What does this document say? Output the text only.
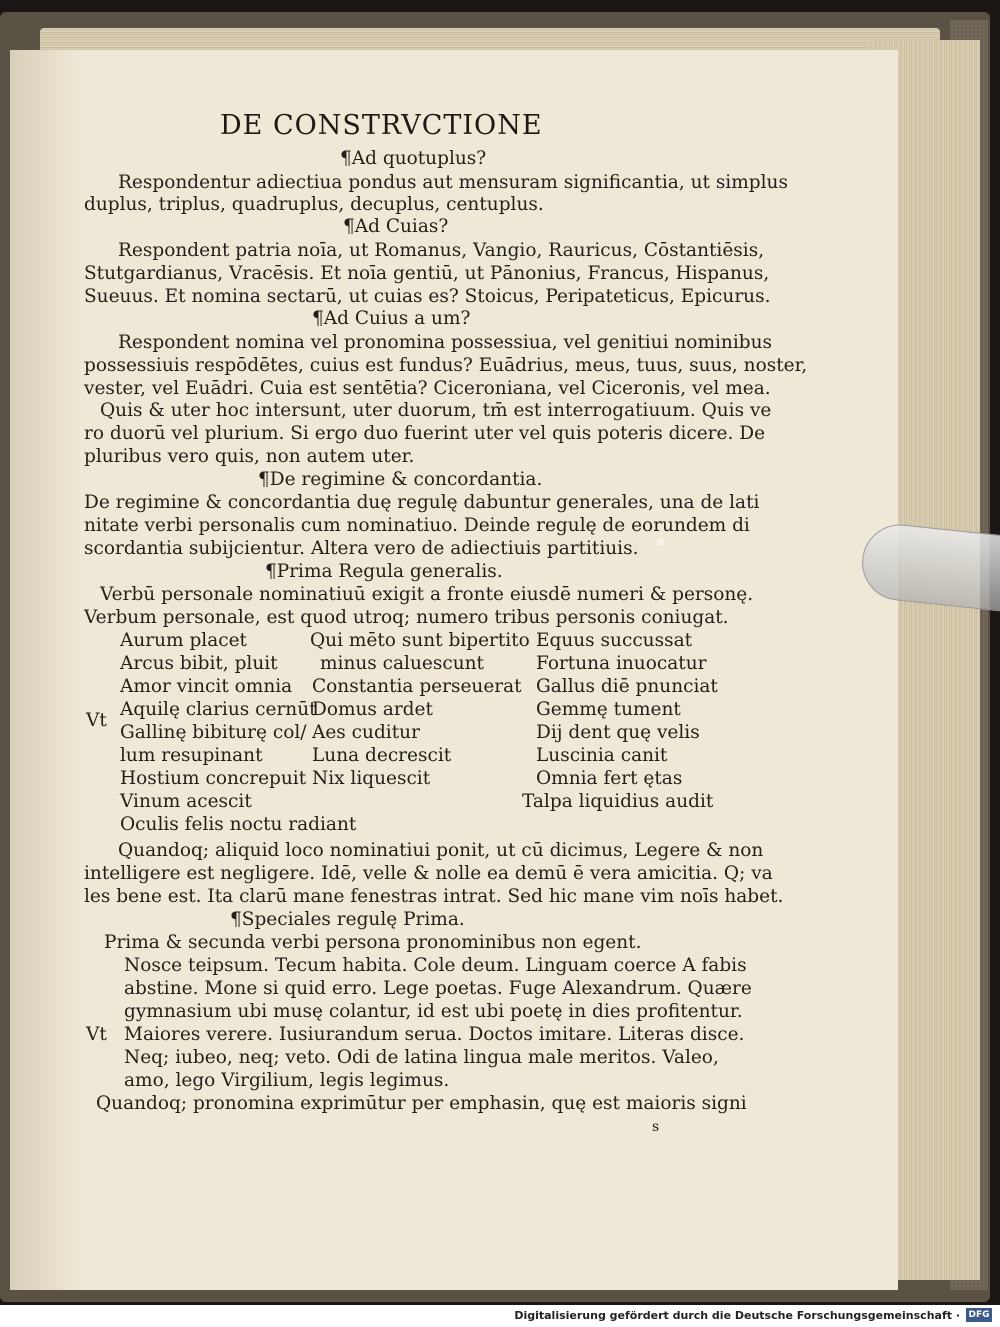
DE CONSTRVCTIONE
¶Ad quotuplus?
Respondentur adiectiua pondus aut mensuram significantia, ut simplus
duplus, triplus, quadruplus, decuplus, centuplus.
¶Ad Cuias?
Respondent patria noīa, ut Romanus, Vangio, Rauricus, Cōstantiēsis,
Stutgardianus, Vracēsis. Et noīa gentiū, ut Pānonius, Francus, Hispanus,
Sueuus. Et nomina sectarū, ut cuias es? Stoicus, Peripateticus, Epicurus.
¶Ad Cuius a um?
Respondent nomina vel pronomina possessiua, vel genitiui nominibus
possessiuis respōdētes, cuius est fundus? Euādrius, meus, tuus, suus, noster,
vester, vel Euādri. Cuia est sentētia? Ciceroniana, vel Ciceronis, vel mea.
Quis & uter hoc intersunt, uter duorum, tm̄ est interrogatiuum. Quis ve
ro duorū vel plurium. Si ergo duo fuerint uter vel quis poteris dicere. De
pluribus vero quis, non autem uter.
¶De regimine & concordantia.
De regimine & concordantia duę regulę dabuntur generales, una de lati
nitate verbi personalis cum nominatiuo. Deinde regulę de eorundem di
scordantia subijcientur. Altera vero de adiectiuis partitiuis.
¶Prima Regula generalis.
Verbū personale nominatiuū exigit a fronte eiusdē numeri & personę.
Verbum personale, est quod utroq; numero tribus personis coniugat.
Vt
Aurum placet
Arcus bibit, pluit
Amor vincit omnia
Aquilę clarius cernūt
Gallinę bibiturę col/
lum resupinant
Hostium concrepuit
Vinum acescit
Oculis felis noctu radiant
Qui mēto sunt bipertito
minus caluescunt
Constantia perseuerat
Domus ardet
Aes cuditur
Luna decrescit
Nix liquescit
Equus succussat
Fortuna inuocatur
Gallus diē pnunciat
Gemmę tument
Dij dent quę velis
Luscinia canit
Omnia fert ętas
Talpa liquidius audit
Quandoq; aliquid loco nominatiui ponit, ut cū dicimus, Legere & non
intelligere est negligere. Idē, velle & nolle ea demū ē vera amicitia. Q; va
les bene est. Ita clarū mane fenestras intrat. Sed hic mane vim noīs habet.
¶Speciales regulę Prima.
Prima & secunda verbi persona pronominibus non egent.
Nosce teipsum. Tecum habita. Cole deum. Linguam coerce A fabis
abstine. Mone si quid erro. Lege poetas. Fuge Alexandrum. Quære
gymnasium ubi musę colantur, id est ubi poetę in dies profitentur.
Vt Maiores verere. Iusiurandum serua. Doctos imitare. Literas disce.
Neq; iubeo, neq; veto. Odi de latina lingua male meritos. Valeo,
amo, lego Virgilium, legis legimus.
Quandoq; pronomina exprimūtur per emphasin, quę est maioris signi
s
Digitalisierung gefördert durch die Deutsche Forschungsgemeinschaft · DFG
